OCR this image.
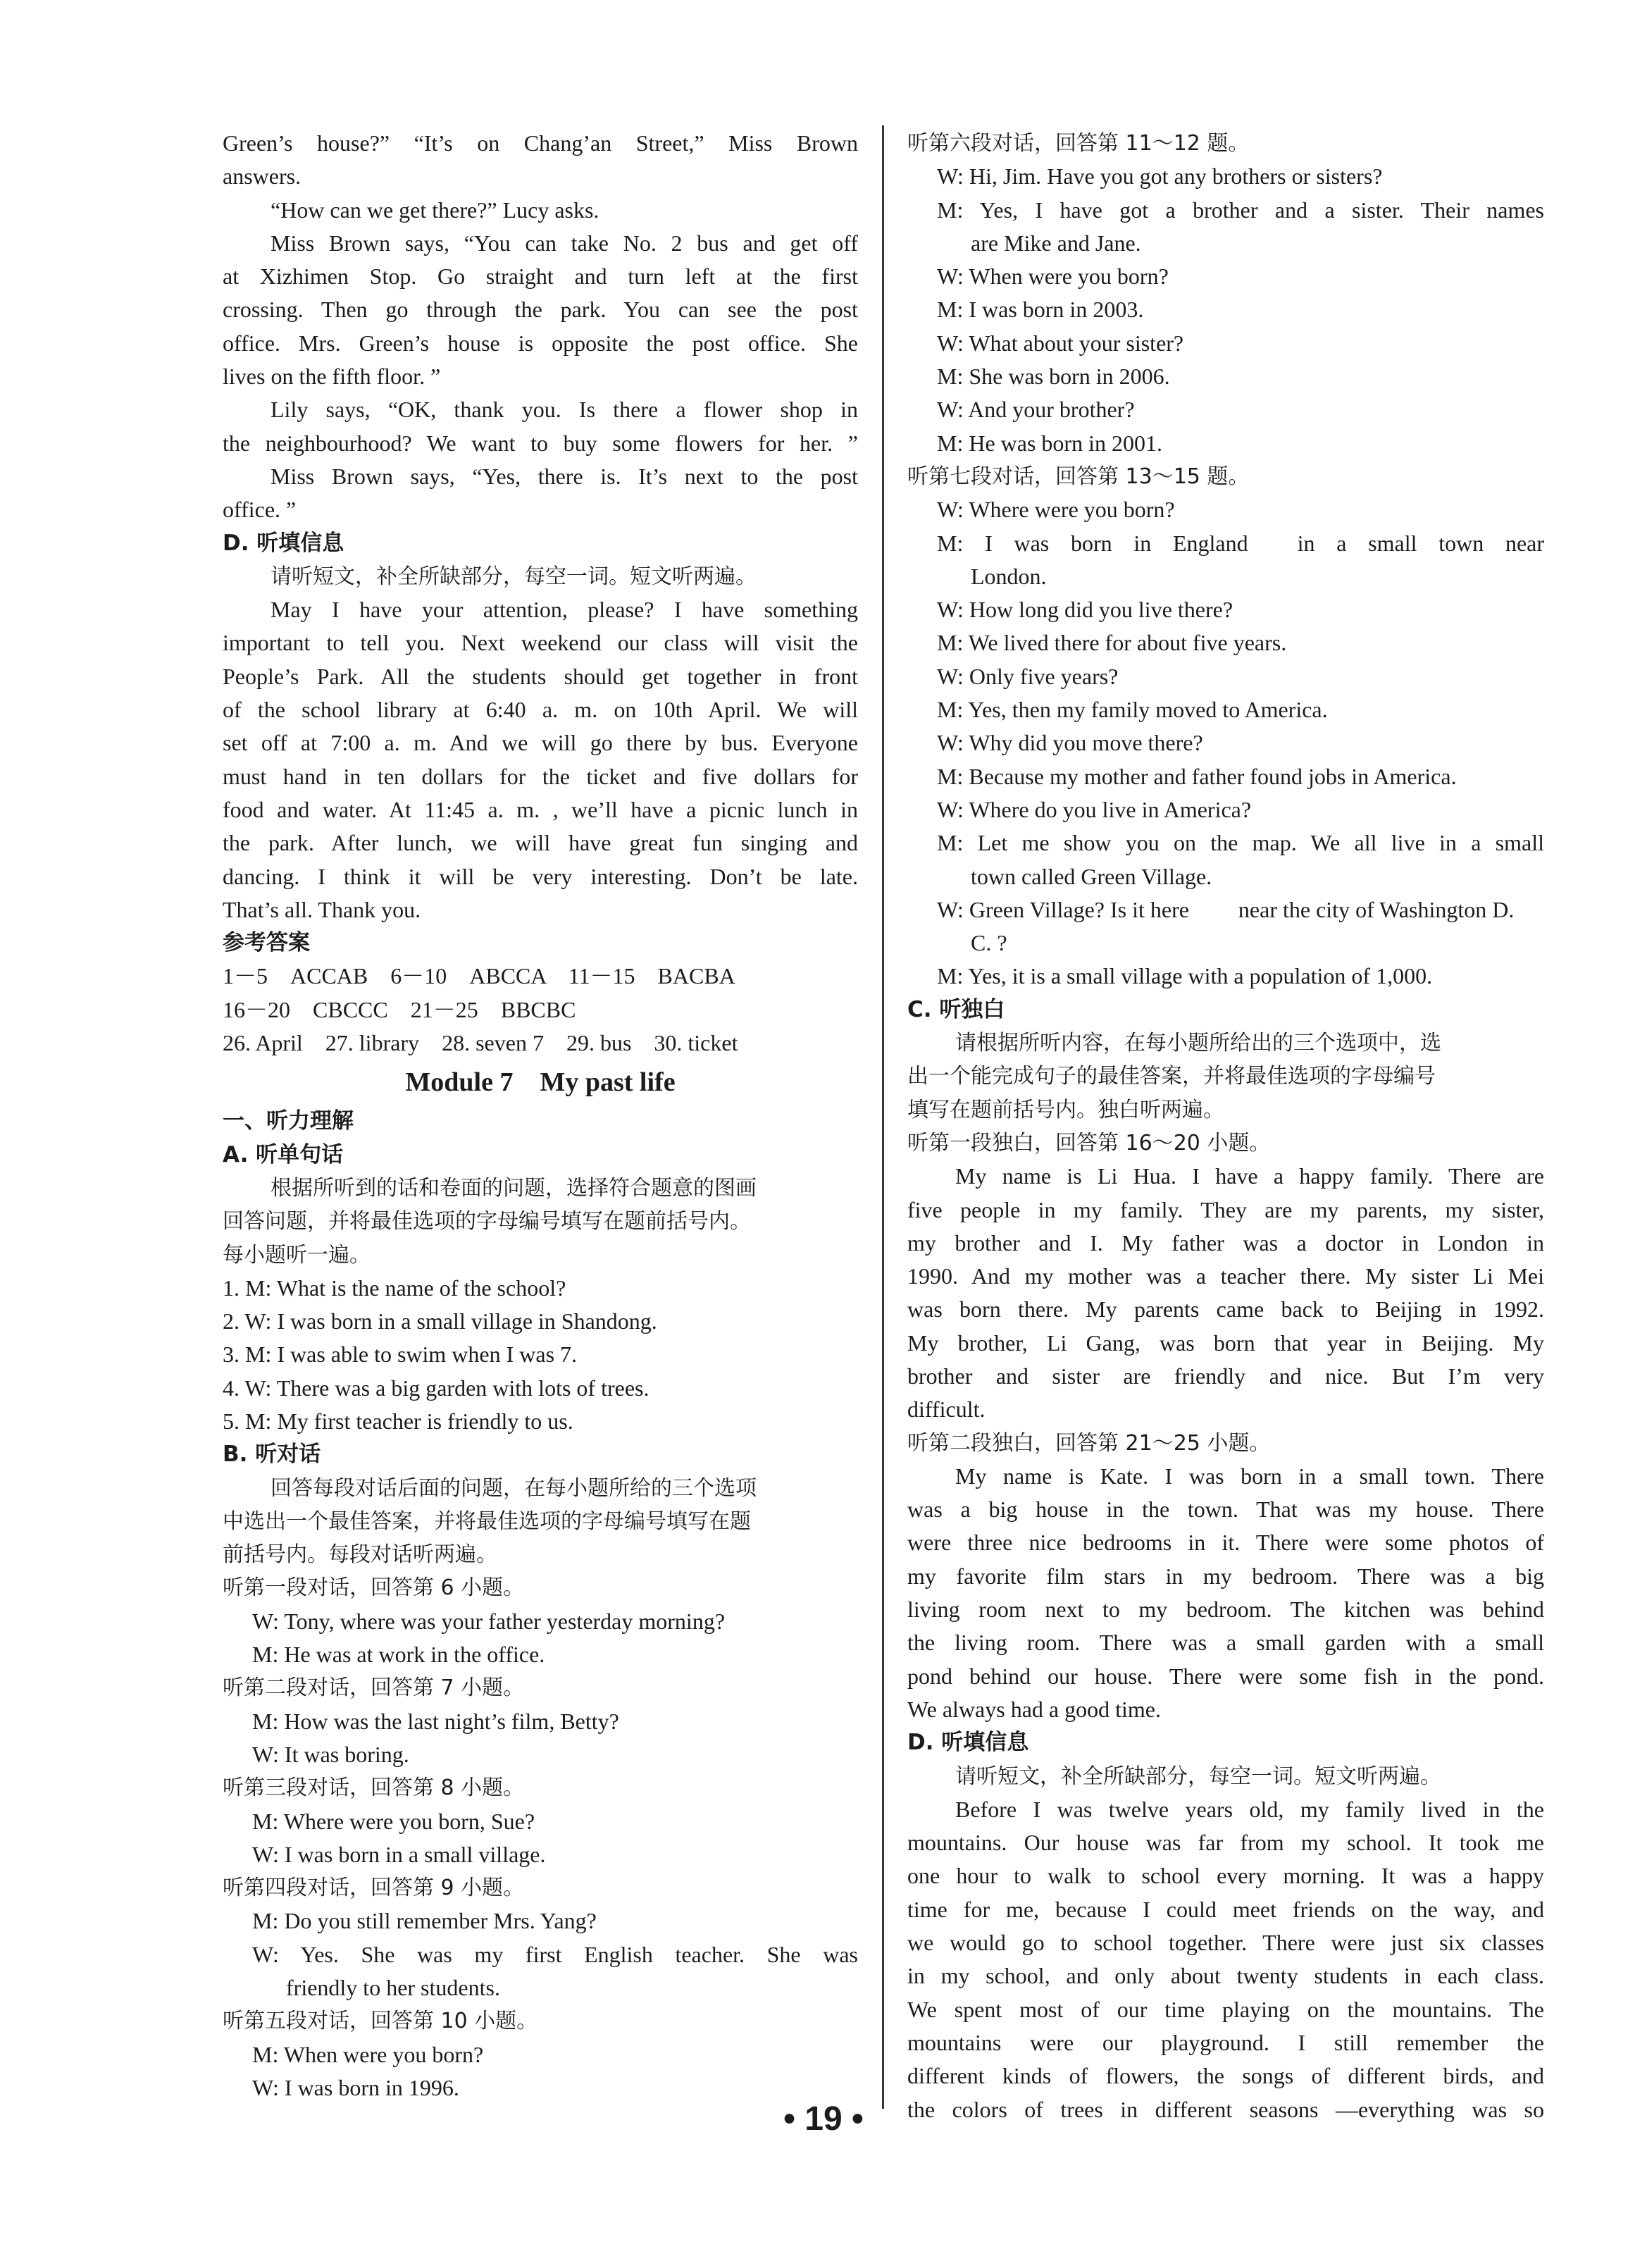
Green’s house?” “It’s on Chang’an Street,” Miss Brown
answers.
“How can we get there?” Lucy asks.
Miss Brown says, “You can take No. 2 bus and get off
at Xizhimen Stop. Go straight and turn left at the first
crossing. Then go through the park. You can see the post
office. Mrs. Green’s house is opposite the post office. She
lives on the fifth floor. ”
Lily says, “OK, thank you. Is there a flower shop in
the neighbourhood? We want to buy some flowers for her. ”
Miss Brown says, “Yes, there is. It’s next to the post
office. ”
D. 听填信息
请听短文，补全所缺部分，每空一词。短文听两遍。
May I have your attention, please? I have something
important to tell you. Next weekend our class will visit the
People’s Park. All the students should get together in front
of the school library at 6:40 a. m. on 10th April. We will
set off at 7:00 a. m. And we will go there by bus. Everyone
must hand in ten dollars for the ticket and five dollars for
food and water. At 11:45 a. m. , we’ll have a picnic lunch in
the park. After lunch, we will have great fun singing and
dancing. I think it will be very interesting. Don’t be late.
That’s all. Thank you.
参考答案
1－5　ACCAB　6－10　ABCCA　11－15　BACBA
16－20　CBCCC　21－25　BBCBC
26. April　27. library　28. seven 7　29. bus　30. ticket
Module 7　My past life
一、听力理解
A. 听单句话
根据所听到的话和卷面的问题，选择符合题意的图画
回答问题，并将最佳选项的字母编号填写在题前括号内。
每小题听一遍。
1. M: What is the name of the school?
2. W: I was born in a small village in Shandong.
3. M: I was able to swim when I was 7.
4. W: There was a big garden with lots of trees.
5. M: My first teacher is friendly to us.
B. 听对话
回答每段对话后面的问题，在每小题所给的三个选项
中选出一个最佳答案，并将最佳选项的字母编号填写在题
前括号内。每段对话听两遍。
听第一段对话，回答第 6 小题。
W: Tony, where was your father yesterday morning?
M: He was at work in the office.
听第二段对话，回答第 7 小题。
M: How was the last night’s film, Betty?
W: It was boring.
听第三段对话，回答第 8 小题。
M: Where were you born, Sue?
W: I was born in a small village.
听第四段对话，回答第 9 小题。
M: Do you still remember Mrs. Yang?
W: Yes. She was my first English teacher. She was
friendly to her students.
听第五段对话，回答第 10 小题。
M: When were you born?
W: I was born in 1996.
听第六段对话，回答第 11～12 题。
W: Hi, Jim. Have you got any brothers or sisters?
M: Yes, I have got a brother and a sister. Their names
are Mike and Jane.
W: When were you born?
M: I was born in 2003.
W: What about your sister?
M: She was born in 2006.
W: And your brother?
M: He was born in 2001.
听第七段对话，回答第 13～15 题。
W: Where were you born?
M: I was born in England in a small town near
London.
W: How long did you live there?
M: We lived there for about five years.
W: Only five years?
M: Yes, then my family moved to America.
W: Why did you move there?
M: Because my mother and father found jobs in America.
W: Where do you live in America?
M: Let me show you on the map. We all live in a small
town called Green Village.
W: Green Village? Is it here near the city of Washington D.
C. ?
M: Yes, it is a small village with a population of 1,000.
C. 听独白
请根据所听内容，在每小题所给出的三个选项中，选
出一个能完成句子的最佳答案，并将最佳选项的字母编号
填写在题前括号内。独白听两遍。
听第一段独白，回答第 16～20 小题。
My name is Li Hua. I have a happy family. There are
five people in my family. They are my parents, my sister,
my brother and I. My father was a doctor in London in
1990. And my mother was a teacher there. My sister Li Mei
was born there. My parents came back to Beijing in 1992.
My brother, Li Gang, was born that year in Beijing. My
brother and sister are friendly and nice. But I’m very
difficult.
听第二段独白，回答第 21～25 小题。
My name is Kate. I was born in a small town. There
was a big house in the town. That was my house. There
were three nice bedrooms in it. There were some photos of
my favorite film stars in my bedroom. There was a big
living room next to my bedroom. The kitchen was behind
the living room. There was a small garden with a small
pond behind our house. There were some fish in the pond.
We always had a good time.
D. 听填信息
请听短文，补全所缺部分，每空一词。短文听两遍。
Before I was twelve years old, my family lived in the
mountains. Our house was far from my school. It took me
one hour to walk to school every morning. It was a happy
time for me, because I could meet friends on the way, and
we would go to school together. There were just six classes
in my school, and only about twenty students in each class.
We spent most of our time playing on the mountains. The
mountains were our playground. I still remember the
different kinds of flowers, the songs of different birds, and
the colors of trees in different seasons —everything was so
• 19 •
